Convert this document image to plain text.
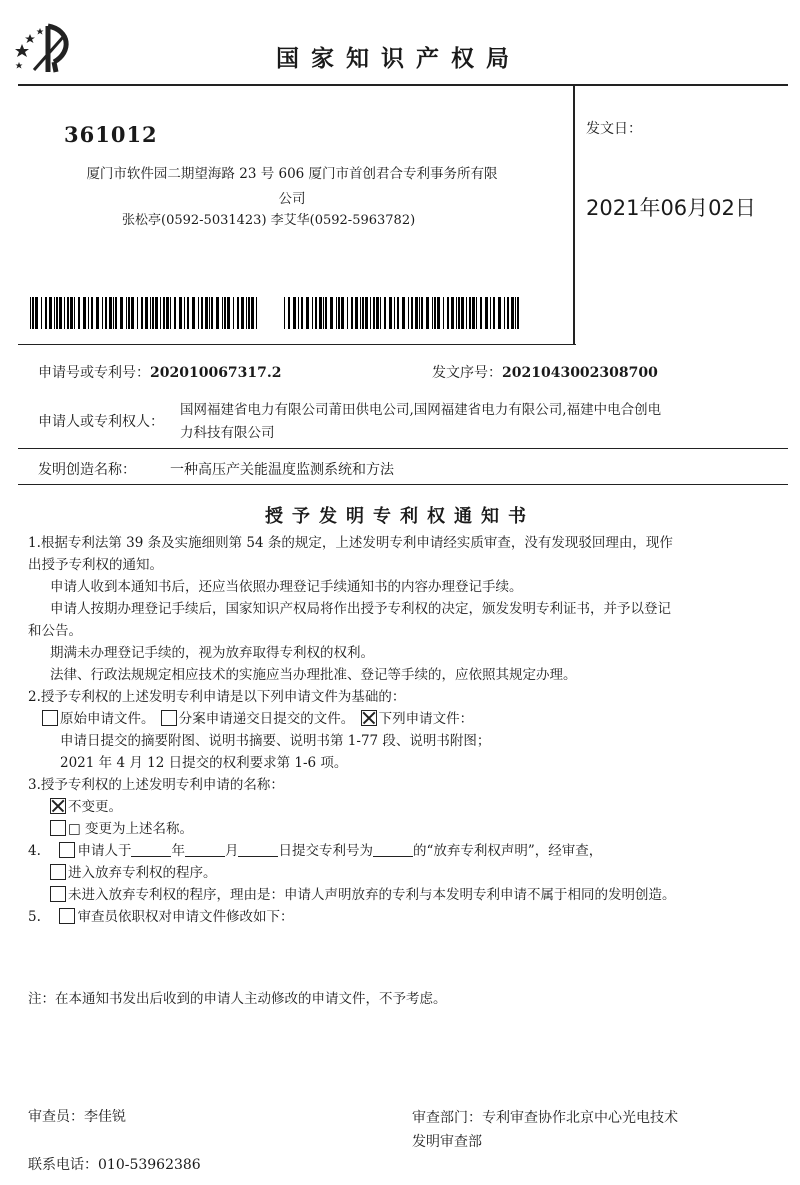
国家知识产权局
361012
厦门市软件园二期望海路 23 号 606 厦门市首创君合专利事务所有限
公司
张松亭(0592-5031423) 李艾华(0592-5963782)
发文日：
2021年06月02日
申请号或专利号：202010067317.2	发文序号：2021043002308700
申请人或专利权人：
国网福建省电力有限公司莆田供电公司,国网福建省电力有限公司,福建中电合创电
力科技有限公司
发明创造名称： 一种高压产关能温度监测系统和方法
授予发明专利权通知书
1.根据专利法第 39 条及实施细则第 54 条的规定，上述发明专利申请经实质审查，没有发现驳回理由，现作
出授予专利权的通知。
申请人收到本通知书后，还应当依照办理登记手续通知书的内容办理登记手续。
申请人按期办理登记手续后，国家知识产权局将作出授予专利权的决定，颁发发明专利证书，并予以登记
和公告。
期满未办理登记手续的，视为放弃取得专利权的权利。
法律、行政法规规定相应技术的实施应当办理批准、登记等手续的，应依照其规定办理。
2.授予专利权的上述发明专利申请是以下列申请文件为基础的：
原始申请文件。 分案申请递交日提交的文件。 下列申请文件：
申请日提交的摘要附图、说明书摘要、说明书第 1-77 段、说明书附图；
2021 年 4 月 12 日提交的权利要求第 1-6 项。
3.授予专利权的上述发明专利申请的名称：
不变更。
□ 变更为上述名称。
4.	申请人于	年	月	日提交专利号为	的“放弃专利权声明”，经审查，
进入放弃专利权的程序。
未进入放弃专利权的程序，理由是：申请人声明放弃的专利与本发明专利申请不属于相同的发明创造。
5.	审查员依职权对申请文件修改如下：
注：在本通知书发出后收到的申请人主动修改的申请文件，不予考虑。
审查员：李佳锐
联系电话：010-53962386
审查部门：专利审查协作北京中心光电技术
发明审查部
